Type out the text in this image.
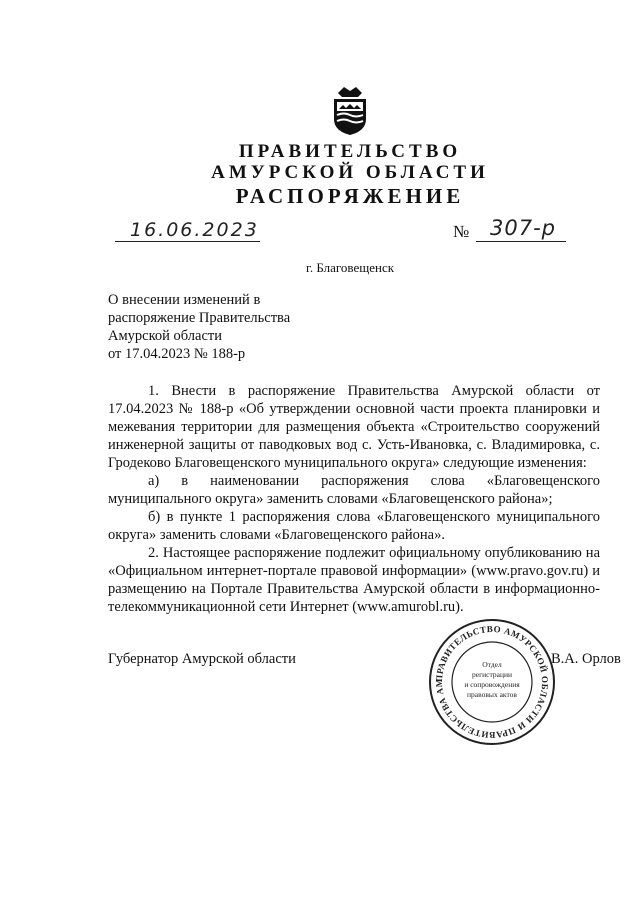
ПРАВИТЕЛЬСТВО
АМУРСКОЙ ОБЛАСТИ
РАСПОРЯЖЕНИЕ
16.06.2023	№ 307-р
г. Благовещенск
О внесении изменений в
распоряжение Правительства
Амурской области
от 17.04.2023 № 188-р

1. Внести в распоряжение Правительства Амурской области от 17.04.2023 № 188-р «Об утверждении основной части проекта планировки и межевания территории для размещения объекта «Строительство сооружений инженерной защиты от паводковых вод с. Усть-Ивановка, с. Владимировка, с. Гродеково Благовещенского муниципального округа» следующие изменения:

а) в наименовании распоряжения слова «Благовещенского муниципального округа» заменить словами «Благовещенского района»;

б) в пункте 1 распоряжения слова «Благовещенского муниципального округа» заменить словами «Благовещенского района».

2. Настоящее распоряжение подлежит официальному опубликованию на «Официальном интернет-портале правовой информации» (www.pravo.gov.ru) и размещению на Портале Правительства Амурской области в информационно-телекоммуникационной сети Интернет (www.amurobl.ru).

Губернатор Амурской области
ПРАВИТЕЛЬСТВО АМУРСКОЙ ОБЛАСТИ И ПРАВИТЕЛЬСТВА АМ
Отдел
регистрации
и сопровождения
правовых актов
В.А. Орлов
